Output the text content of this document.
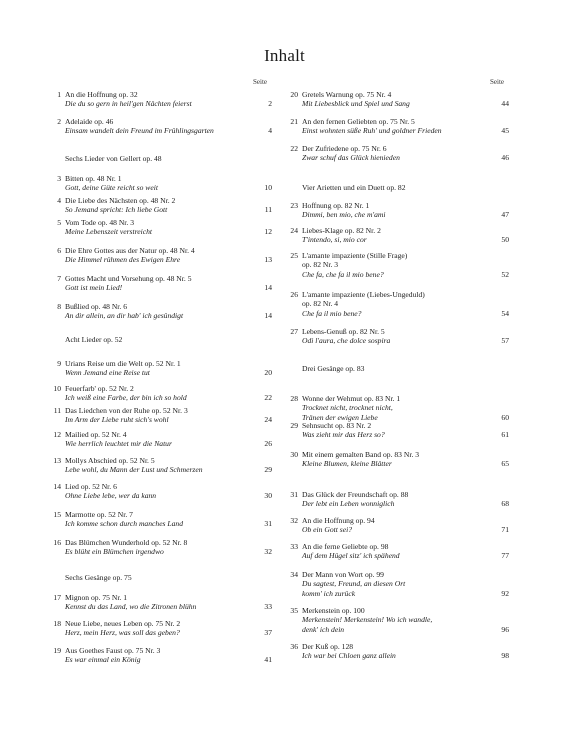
Inhalt
Seite	Seite
1 An die Hoffnung op. 32
Die du so gern in heil'gen Nächten feierst	2
2 Adelaide op. 46
Einsam wandelt dein Freund im Frühlingsgarten	4
Sechs Lieder von Gellert op. 48
3 Bitten op. 48 Nr. 1
Gott, deine Güte reicht so weit	10
4 Die Liebe des Nächsten op. 48 Nr. 2
So Jemand spricht: Ich liebe Gott	11
5 Vom Tode op. 48 Nr. 3
Meine Lebenszeit verstreicht	12
6 Die Ehre Gottes aus der Natur op. 48 Nr. 4
Die Himmel rühmen des Ewigen Ehre	13
7 Gottes Macht und Vorsehung op. 48 Nr. 5
Gott ist mein Lied!	14
8 Bußlied op. 48 Nr. 6
An dir allein, an dir hab' ich gesündigt	14
Acht Lieder op. 52
9 Urians Reise um die Welt op. 52 Nr. 1
Wenn Jemand eine Reise tut	20
10 Feuerfarb' op. 52 Nr. 2
Ich weiß eine Farbe, der bin ich so hold	22
11 Das Liedchen von der Ruhe op. 52 Nr. 3
Im Arm der Liebe ruht sich's wohl	24
12 Mailied op. 52 Nr. 4
Wie herrlich leuchtet mir die Natur	26
13 Mollys Abschied op. 52 Nr. 5
Lebe wohl, du Mann der Lust und Schmerzen	29
14 Lied op. 52 Nr. 6
Ohne Liebe lebe, wer da kann	30
15 Marmotte op. 52 Nr. 7
Ich komme schon durch manches Land	31
16 Das Blümchen Wunderhold op. 52 Nr. 8
Es blüht ein Blümchen irgendwo	32
Sechs Gesänge op. 75
17 Mignon op. 75 Nr. 1
Kennst du das Land, wo die Zitronen blühn	33
18 Neue Liebe, neues Leben op. 75 Nr. 2
Herz, mein Herz, was soll das geben?	37
19 Aus Goethes Faust op. 75 Nr. 3
Es war einmal ein König	41
20 Gretels Warnung op. 75 Nr. 4
Mit Liebesblick und Spiel und Sang	44
21 An den fernen Geliebten op. 75 Nr. 5
Einst wohnten süße Ruh' und goldner Frieden	45
22 Der Zufriedene op. 75 Nr. 6
Zwar schuf das Glück hienieden	46
Vier Arietten und ein Duett op. 82
23 Hoffnung op. 82 Nr. 1
Dimmi, ben mio, che m'ami	47
24 Liebes-Klage op. 82 Nr. 2
T'intendo, si, mio cor	50
25 L'amante impaziente (Stille Frage)
op. 82 Nr. 3
Che fa, che fa il mio bene?	52
26 L'amante impaziente (Liebes-Ungeduld)
op. 82 Nr. 4
Che fa il mio bene?	54
27 Lebens-Genuß op. 82 Nr. 5
Odi l'aura, che dolce sospira	57
Drei Gesänge op. 83
28 Wonne der Wehmut op. 83 Nr. 1
Trocknet nicht, trocknet nicht,
Tränen der ewigen Liebe	60
29 Sehnsucht op. 83 Nr. 2
Was zieht mir das Herz so?	61
30 Mit einem gemalten Band op. 83 Nr. 3
Kleine Blumen, kleine Blätter	65
31 Das Glück der Freundschaft op. 88
Der lebt ein Leben wonniglich	68
32 An die Hoffnung op. 94
Ob ein Gott sei?	71
33 An die ferne Geliebte op. 98
Auf dem Hügel sitz' ich spähend	77
34 Der Mann von Wort op. 99
Du sagtest, Freund, an diesen Ort
komm' ich zurück	92
35 Merkenstein op. 100
Merkenstein! Merkenstein! Wo ich wandle,
denk' ich dein	96
36 Der Kuß op. 128
Ich war bei Chloen ganz allein	98
